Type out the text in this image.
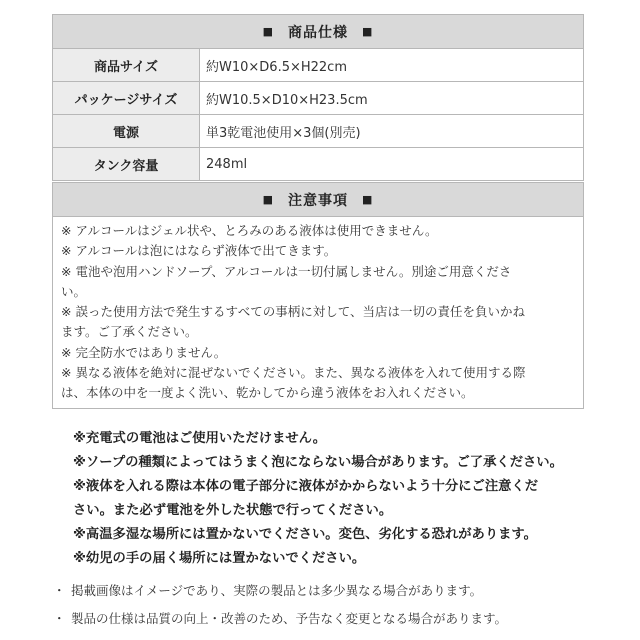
■ 商品仕様 ■
商品サイズ	約W10×D6.5×H22cm
パッケージサイズ	約W10.5×D10×H23.5cm
電源	単3乾電池使用×3個(別売)
タンク容量	248ml
■ 注意事項 ■
※ アルコールはジェル状や、とろみのある液体は使用できません。
※ アルコールは泡にはならず液体で出てきます。
※ 電池や泡用ハンドソープ、アルコールは一切付属しません。別途ご用意くださ
い。
※ 誤った使用方法で発生するすべての事柄に対して、当店は一切の責任を負いかね
ます。ご了承ください。
※ 完全防水ではありません。
※ 異なる液体を絶対に混ぜないでください。また、異なる液体を入れて使用する際
は、本体の中を一度よく洗い、乾かしてから違う液体をお入れください。
※充電式の電池はご使用いただけません。
※ソープの種類によってはうまく泡にならない場合があります。ご了承ください。
※液体を入れる際は本体の電子部分に液体がかからないよう十分にご注意くだ
さい。また必ず電池を外した状態で行ってください。
※高温多湿な場所には置かないでください。変色、劣化する恐れがあります。
※幼児の手の届く場所には置かないでください。
・ 掲載画像はイメージであり、実際の製品とは多少異なる場合があります。
・ 製品の仕様は品質の向上・改善のため、予告なく変更となる場合があります。
